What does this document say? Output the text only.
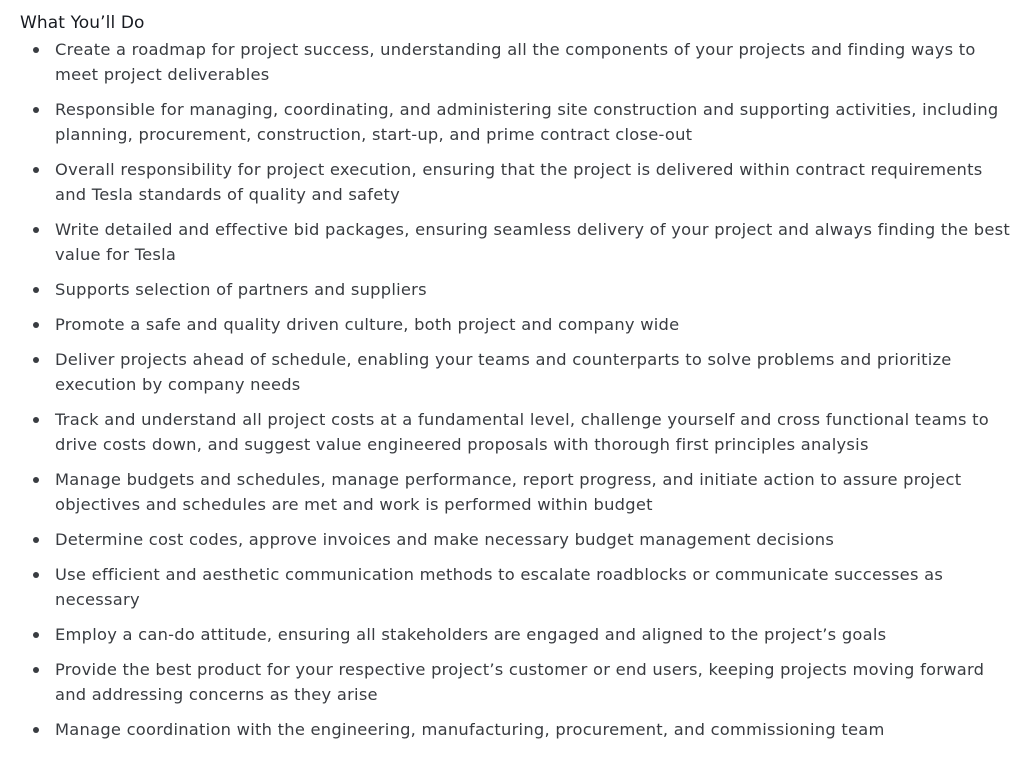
What You’ll Do
Create a roadmap for project success, understanding all the components of your projects and finding ways to meet project deliverables
Responsible for managing, coordinating, and administering site construction and supporting activities, including planning, procurement, construction, start-up, and prime contract close-out
Overall responsibility for project execution, ensuring that the project is delivered within contract requirements and Tesla standards of quality and safety
Write detailed and effective bid packages, ensuring seamless delivery of your project and always finding the best value for Tesla
Supports selection of partners and suppliers
Promote a safe and quality driven culture, both project and company wide
Deliver projects ahead of schedule, enabling your teams and counterparts to solve problems and prioritize execution by company needs
Track and understand all project costs at a fundamental level, challenge yourself and cross functional teams to drive costs down, and suggest value engineered proposals with thorough first principles analysis
Manage budgets and schedules, manage performance, report progress, and initiate action to assure project objectives and schedules are met and work is performed within budget
Determine cost codes, approve invoices and make necessary budget management decisions
Use efficient and aesthetic communication methods to escalate roadblocks or communicate successes as necessary
Employ a can-do attitude, ensuring all stakeholders are engaged and aligned to the project’s goals
Provide the best product for your respective project’s customer or end users, keeping projects moving forward and addressing concerns as they arise
Manage coordination with the engineering, manufacturing, procurement, and commissioning team
